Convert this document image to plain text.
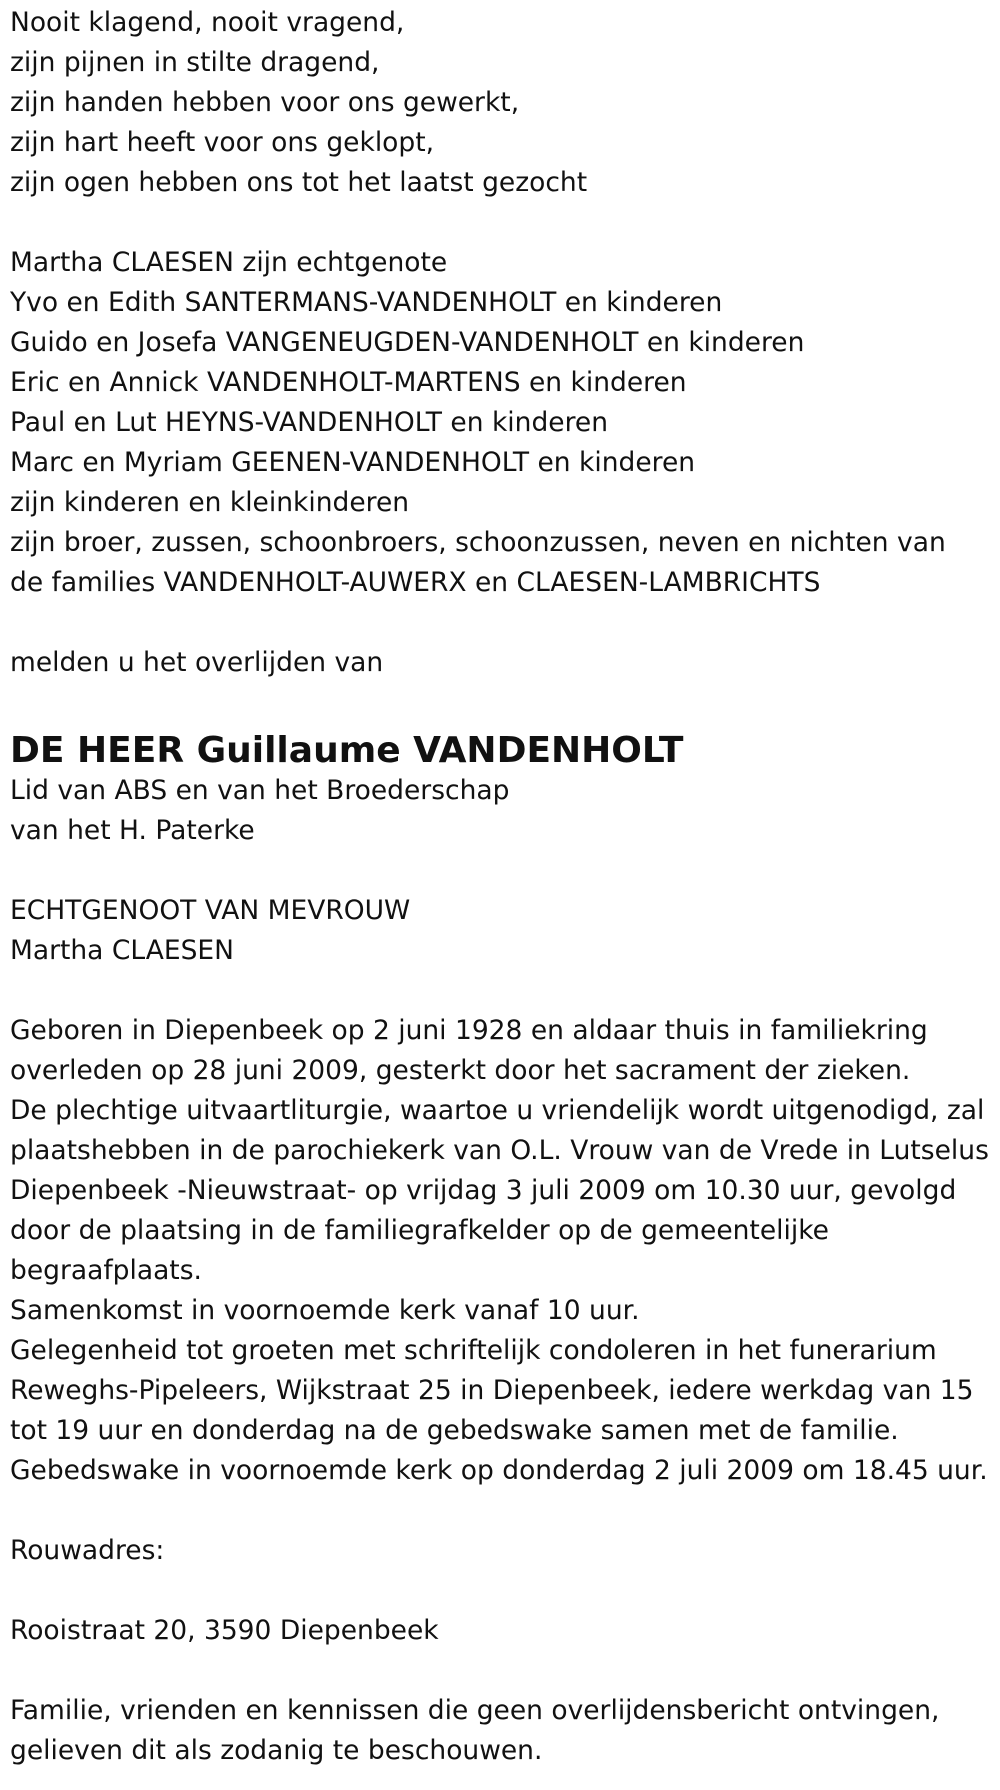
Nooit klagend, nooit vragend,
zijn pijnen in stilte dragend,
zijn handen hebben voor ons gewerkt,
zijn hart heeft voor ons geklopt,
zijn ogen hebben ons tot het laatst gezocht
Martha CLAESEN zijn echtgenote
Yvo en Edith SANTERMANS-VANDENHOLT en kinderen
Guido en Josefa VANGENEUGDEN-VANDENHOLT en kinderen
Eric en Annick VANDENHOLT-MARTENS en kinderen
Paul en Lut HEYNS-VANDENHOLT en kinderen
Marc en Myriam GEENEN-VANDENHOLT en kinderen
zijn kinderen en kleinkinderen
zijn broer, zussen, schoonbroers, schoonzussen, neven en nichten van
de families VANDENHOLT-AUWERX en CLAESEN-LAMBRICHTS
melden u het overlijden van
DE HEER Guillaume VANDENHOLT
Lid van ABS en van het Broederschap
van het H. Paterke
ECHTGENOOT VAN MEVROUW
Martha CLAESEN
Geboren in Diepenbeek op 2 juni 1928 en aldaar thuis in familiekring
overleden op 28 juni 2009, gesterkt door het sacrament der zieken.
De plechtige uitvaartliturgie, waartoe u vriendelijk wordt uitgenodigd, zal
plaatshebben in de parochiekerk van O.L. Vrouw van de Vrede in Lutselus
Diepenbeek -Nieuwstraat- op vrijdag 3 juli 2009 om 10.30 uur, gevolgd
door de plaatsing in de familiegrafkelder op de gemeentelijke
begraafplaats.
Samenkomst in voornoemde kerk vanaf 10 uur.
Gelegenheid tot groeten met schriftelijk condoleren in het funerarium
Reweghs-Pipeleers, Wijkstraat 25 in Diepenbeek, iedere werkdag van 15
tot 19 uur en donderdag na de gebedswake samen met de familie.
Gebedswake in voornoemde kerk op donderdag 2 juli 2009 om 18.45 uur.
Rouwadres:
Rooistraat 20, 3590 Diepenbeek
Familie, vrienden en kennissen die geen overlijdensbericht ontvingen,
gelieven dit als zodanig te beschouwen.
